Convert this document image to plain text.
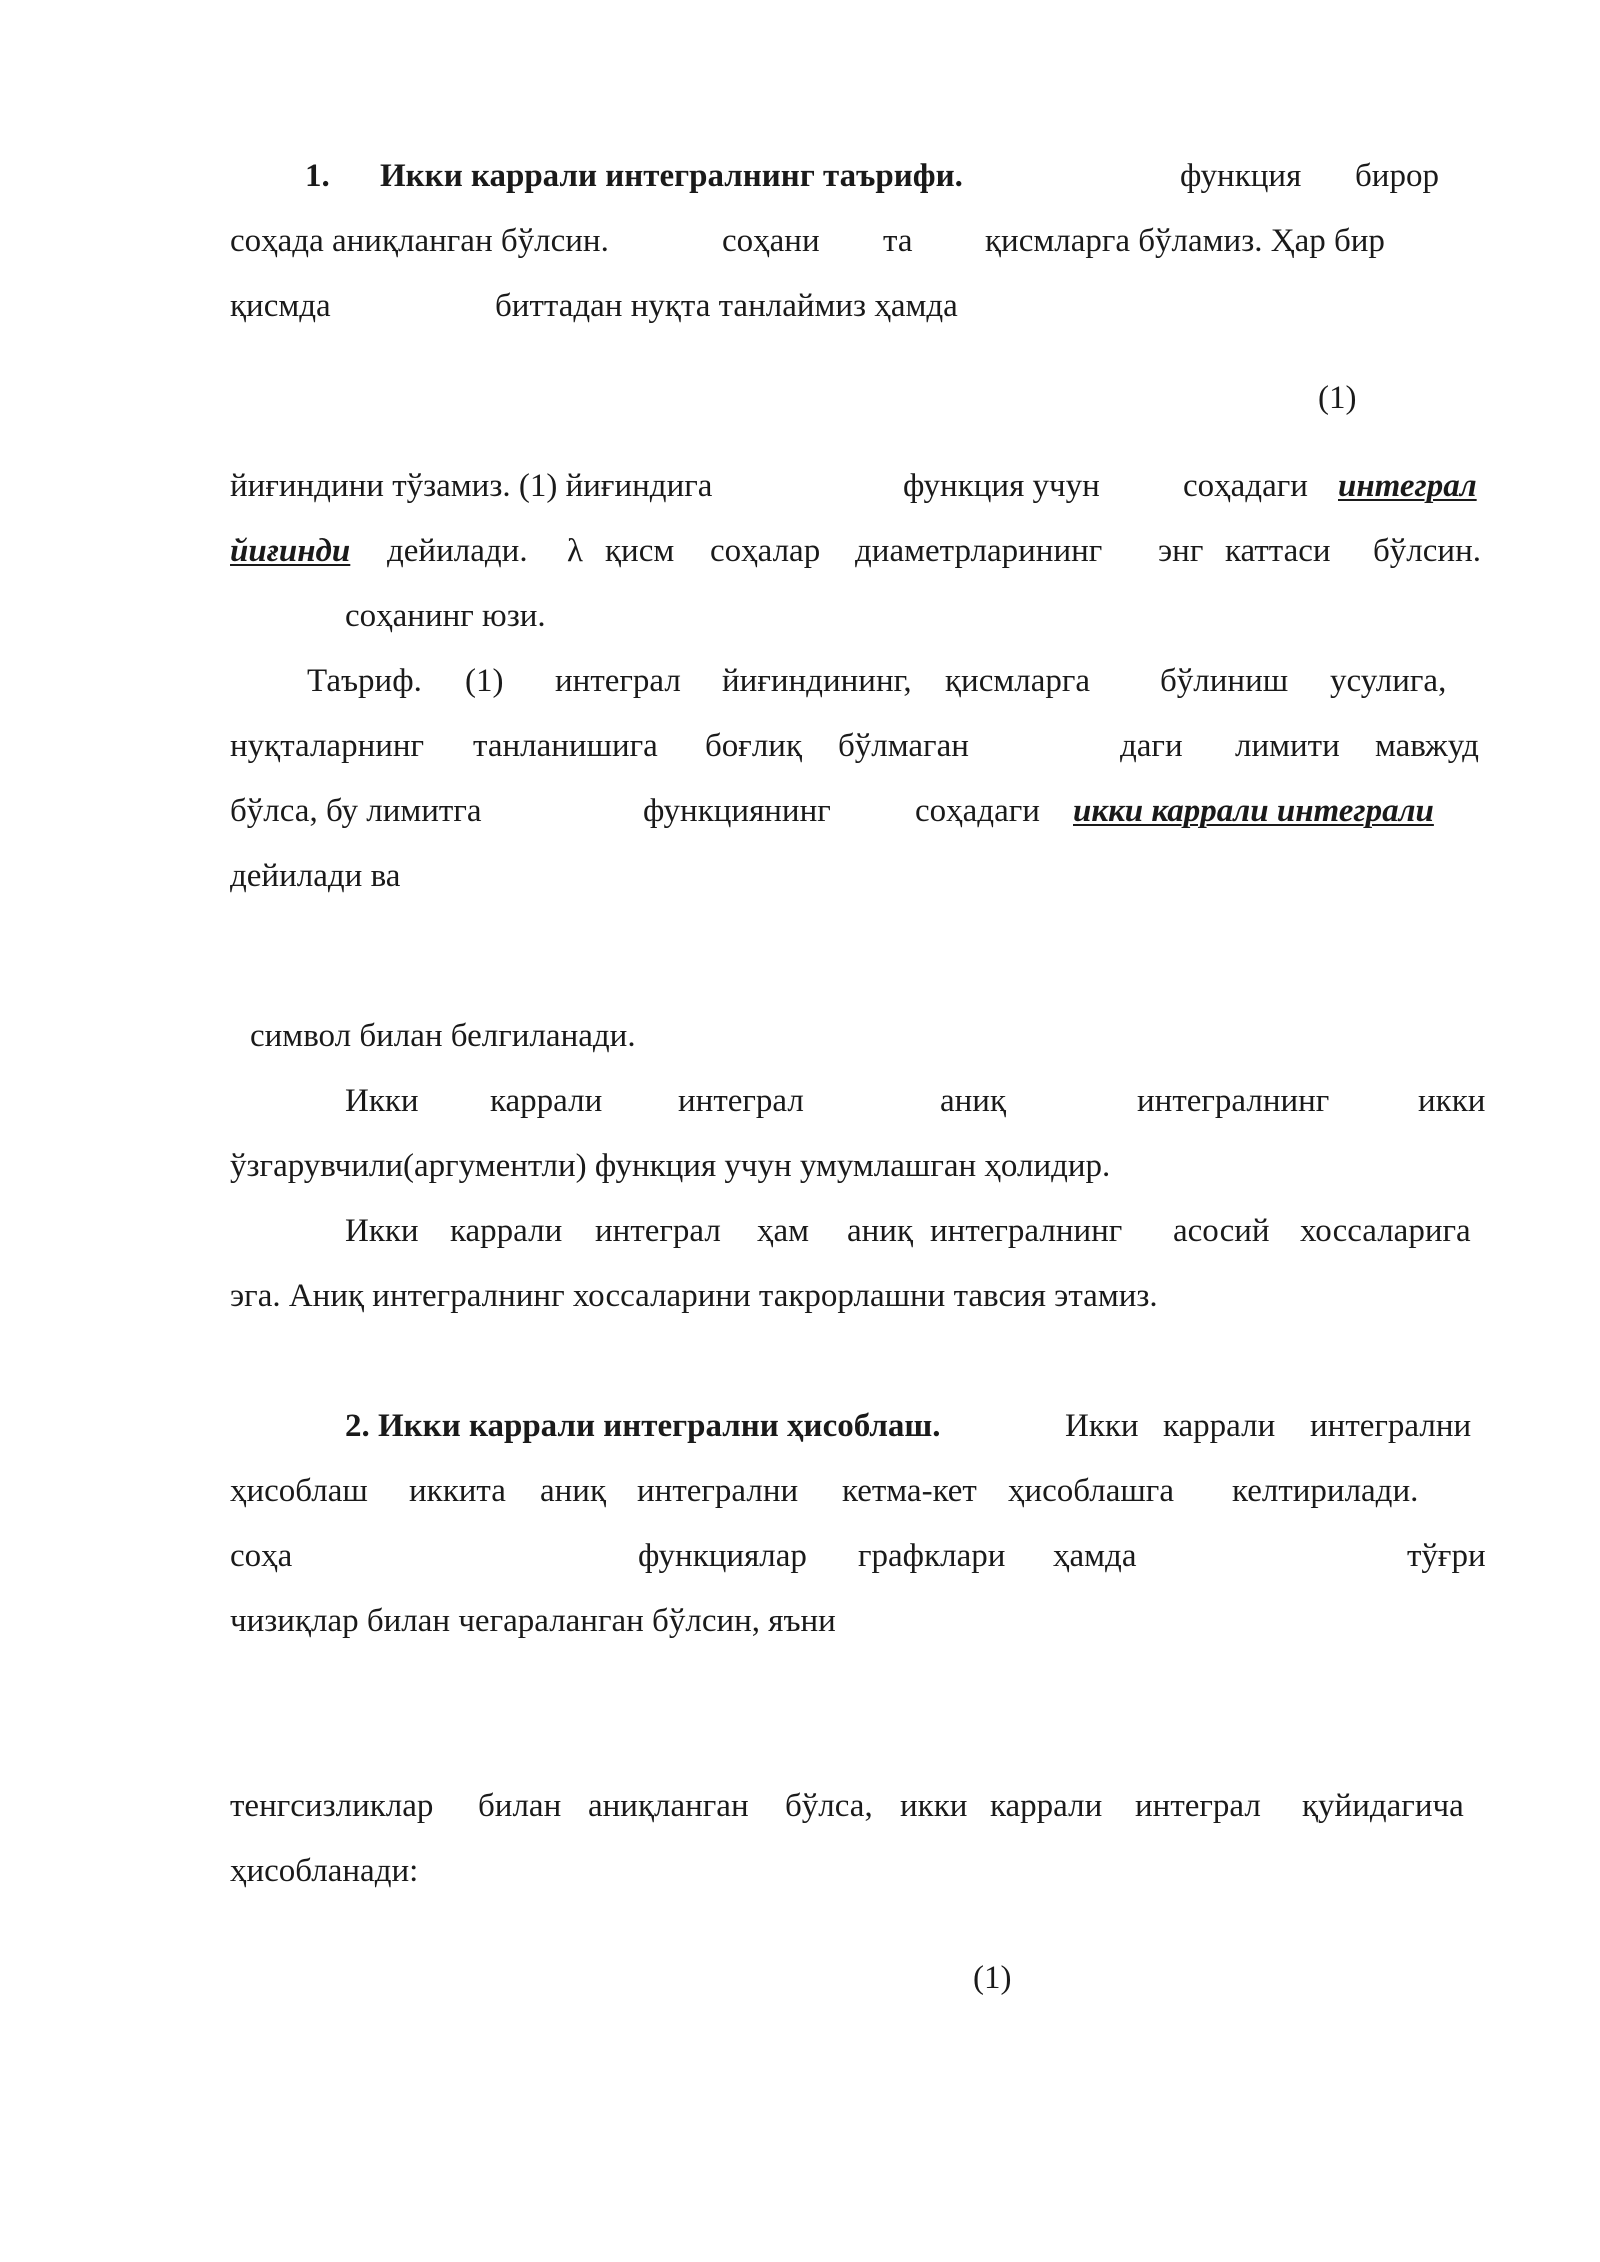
1. Икки каррали интегралнинг таърифи.	функция бирор
соҳада аниқланган бўлсин.	соҳани та қисмларга бўламиз. Ҳар бир
қисмда	биттадан нуқта танлаймиз ҳамда
(1)
йиғиндини тўзамиз. (1) йиғиндига	функция учун	соҳадаги интеграл
йиғинди дейилади. λ қисм соҳалар диаметрларининг энг каттаси бўлсин.
соҳанинг юзи.
Таъриф. (1) интеграл йиғиндининг, қисмларга бўлиниш усулига,
нуқталарнинг танланишига боғлиқ бўлмаган	даги лимити мавжуд
бўлса, бу лимитга	функциянинг	соҳадаги икки каррали интеграли
дейилади ва
символ билан белгиланади.
Икки каррали интеграл	аниқ	интегралнинг	икки
ўзгарувчили(аргументли) функция учун умумлашган ҳолидир.
Икки каррали интеграл ҳам аниқ интегралнинг асосий хоссаларига
эга. Аниқ интегралнинг хоссаларини такрорлашни тавсия этамиз.
2. Икки каррали интегрални ҳисоблаш.	Икки каррали интегрални
ҳисоблаш иккита аниқ интегрални кетма-кет ҳисоблашга келтирилади.
соҳа	функциялар графклари ҳамда	тўғри
чизиқлар билан чегараланган бўлсин, яъни
тенгсизликлар билан аниқланган бўлса, икки каррали интеграл қуйидагича
ҳисобланади:
(1)
